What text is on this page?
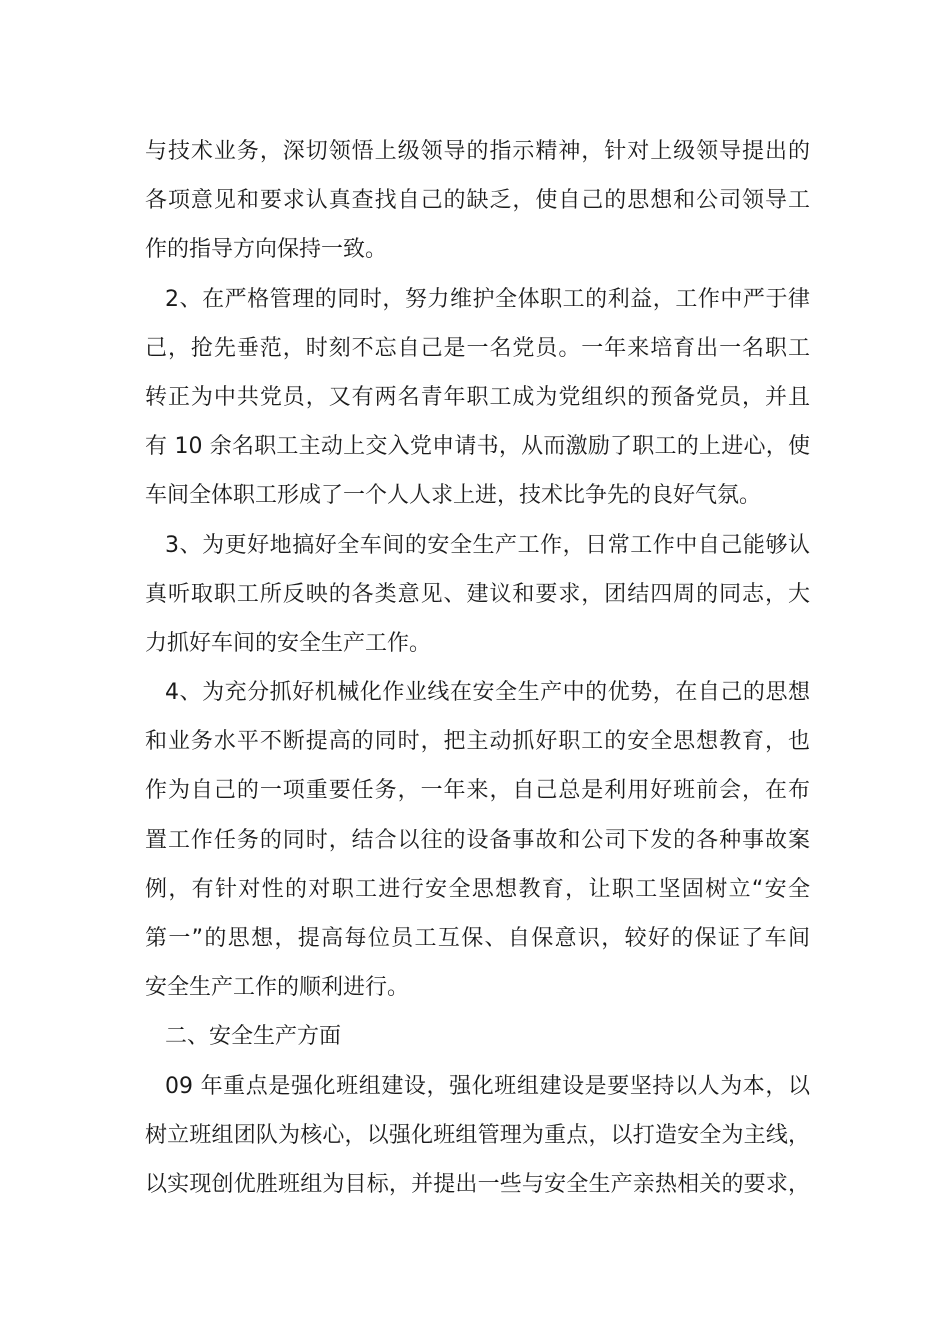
与技术业务，深切领悟上级领导的指示精神，针对上级领导提出的
各项意见和要求认真查找自己的缺乏，使自己的思想和公司领导工
作的指导方向保持一致。
2、在严格管理的同时，努力维护全体职工的利益，工作中严于律
己，抢先垂范，时刻不忘自己是一名党员。一年来培育出一名职工
转正为中共党员，又有两名青年职工成为党组织的预备党员，并且
有 10 余名职工主动上交入党申请书，从而激励了职工的上进心，使
车间全体职工形成了一个人人求上进，技术比争先的良好气氛。
3、为更好地搞好全车间的安全生产工作，日常工作中自己能够认
真听取职工所反映的各类意见、建议和要求，团结四周的同志，大
力抓好车间的安全生产工作。
4、为充分抓好机械化作业线在安全生产中的优势，在自己的思想
和业务水平不断提高的同时，把主动抓好职工的安全思想教育，也
作为自己的一项重要任务，一年来，自己总是利用好班前会，在布
置工作任务的同时，结合以往的设备事故和公司下发的各种事故案
例，有针对性的对职工进行安全思想教育，让职工坚固树立“安全
第一”的思想，提高每位员工互保、自保意识，较好的保证了车间
安全生产工作的顺利进行。
二、安全生产方面
09 年重点是强化班组建设，强化班组建设是要坚持以人为本，以
树立班组团队为核心，以强化班组管理为重点，以打造安全为主线，
以实现创优胜班组为目标，并提出一些与安全生产亲热相关的要求，
